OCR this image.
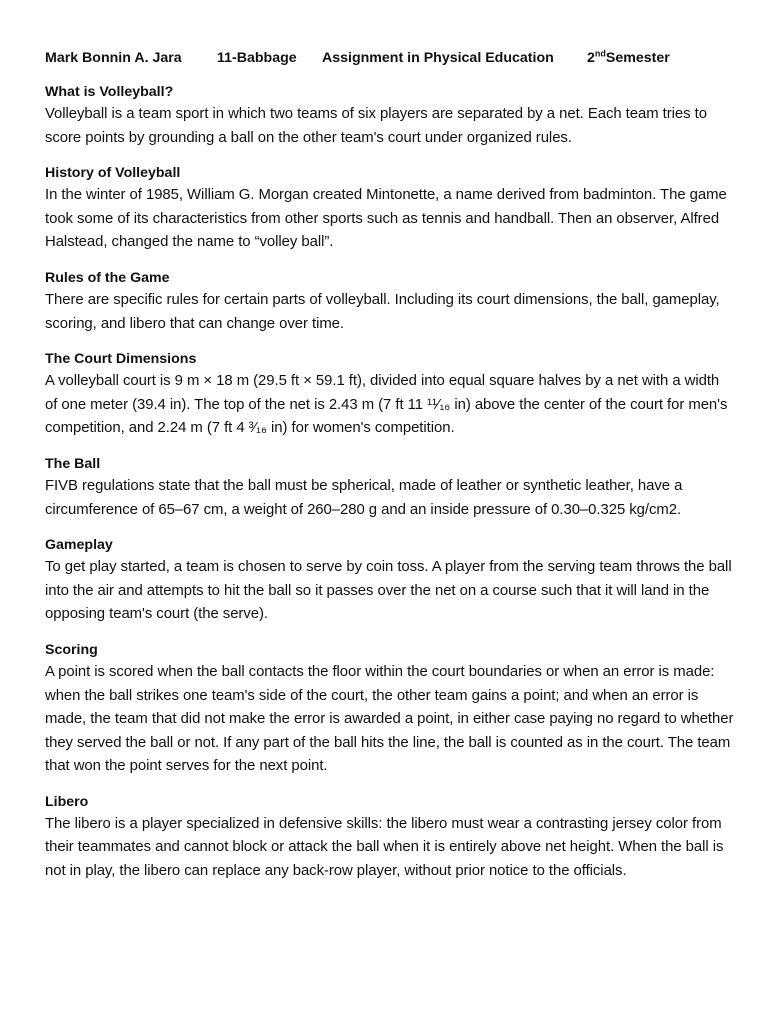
Mark Bonnin A. Jara 11-Babbage Assignment in Physical Education 2ndSemester
What is Volleyball?

Volleyball is a team sport in which two teams of six players are separated by a net. Each team tries to score points by grounding a ball on the other team's court under organized rules.

History of Volleyball

In the winter of 1985, William G. Morgan created Mintonette, a name derived from badminton. The game took some of its characteristics from other sports such as tennis and handball. Then an observer, Alfred Halstead, changed the name to “volley ball”.

Rules of the Game

There are specific rules for certain parts of volleyball. Including its court dimensions, the ball, gameplay, scoring, and libero that can change over time.

The Court Dimensions

A volleyball court is 9 m × 18 m (29.5 ft × 59.1 ft), divided into equal square halves by a net with a width of one meter (39.4 in). The top of the net is 2.43 m (7 ft 11 ¹¹⁄₁₆ in) above the center of the court for men's competition, and 2.24 m (7 ft 4 ³⁄₁₆ in) for women's competition.

The Ball

FIVB regulations state that the ball must be spherical, made of leather or synthetic leather, have a circumference of 65–67 cm, a weight of 260–280 g and an inside pressure of 0.30–0.325 kg/cm2.

Gameplay

To get play started, a team is chosen to serve by coin toss. A player from the serving team throws the ball into the air and attempts to hit the ball so it passes over the net on a course such that it will land in the opposing team's court (the serve).

Scoring

A point is scored when the ball contacts the floor within the court boundaries or when an error is made: when the ball strikes one team's side of the court, the other team gains a point; and when an error is made, the team that did not make the error is awarded a point, in either case paying no regard to whether they served the ball or not. If any part of the ball hits the line, the ball is counted as in the court. The team that won the point serves for the next point.

Libero

The libero is a player specialized in defensive skills: the libero must wear a contrasting jersey color from their teammates and cannot block or attack the ball when it is entirely above net height. When the ball is not in play, the libero can replace any back-row player, without prior notice to the officials.
